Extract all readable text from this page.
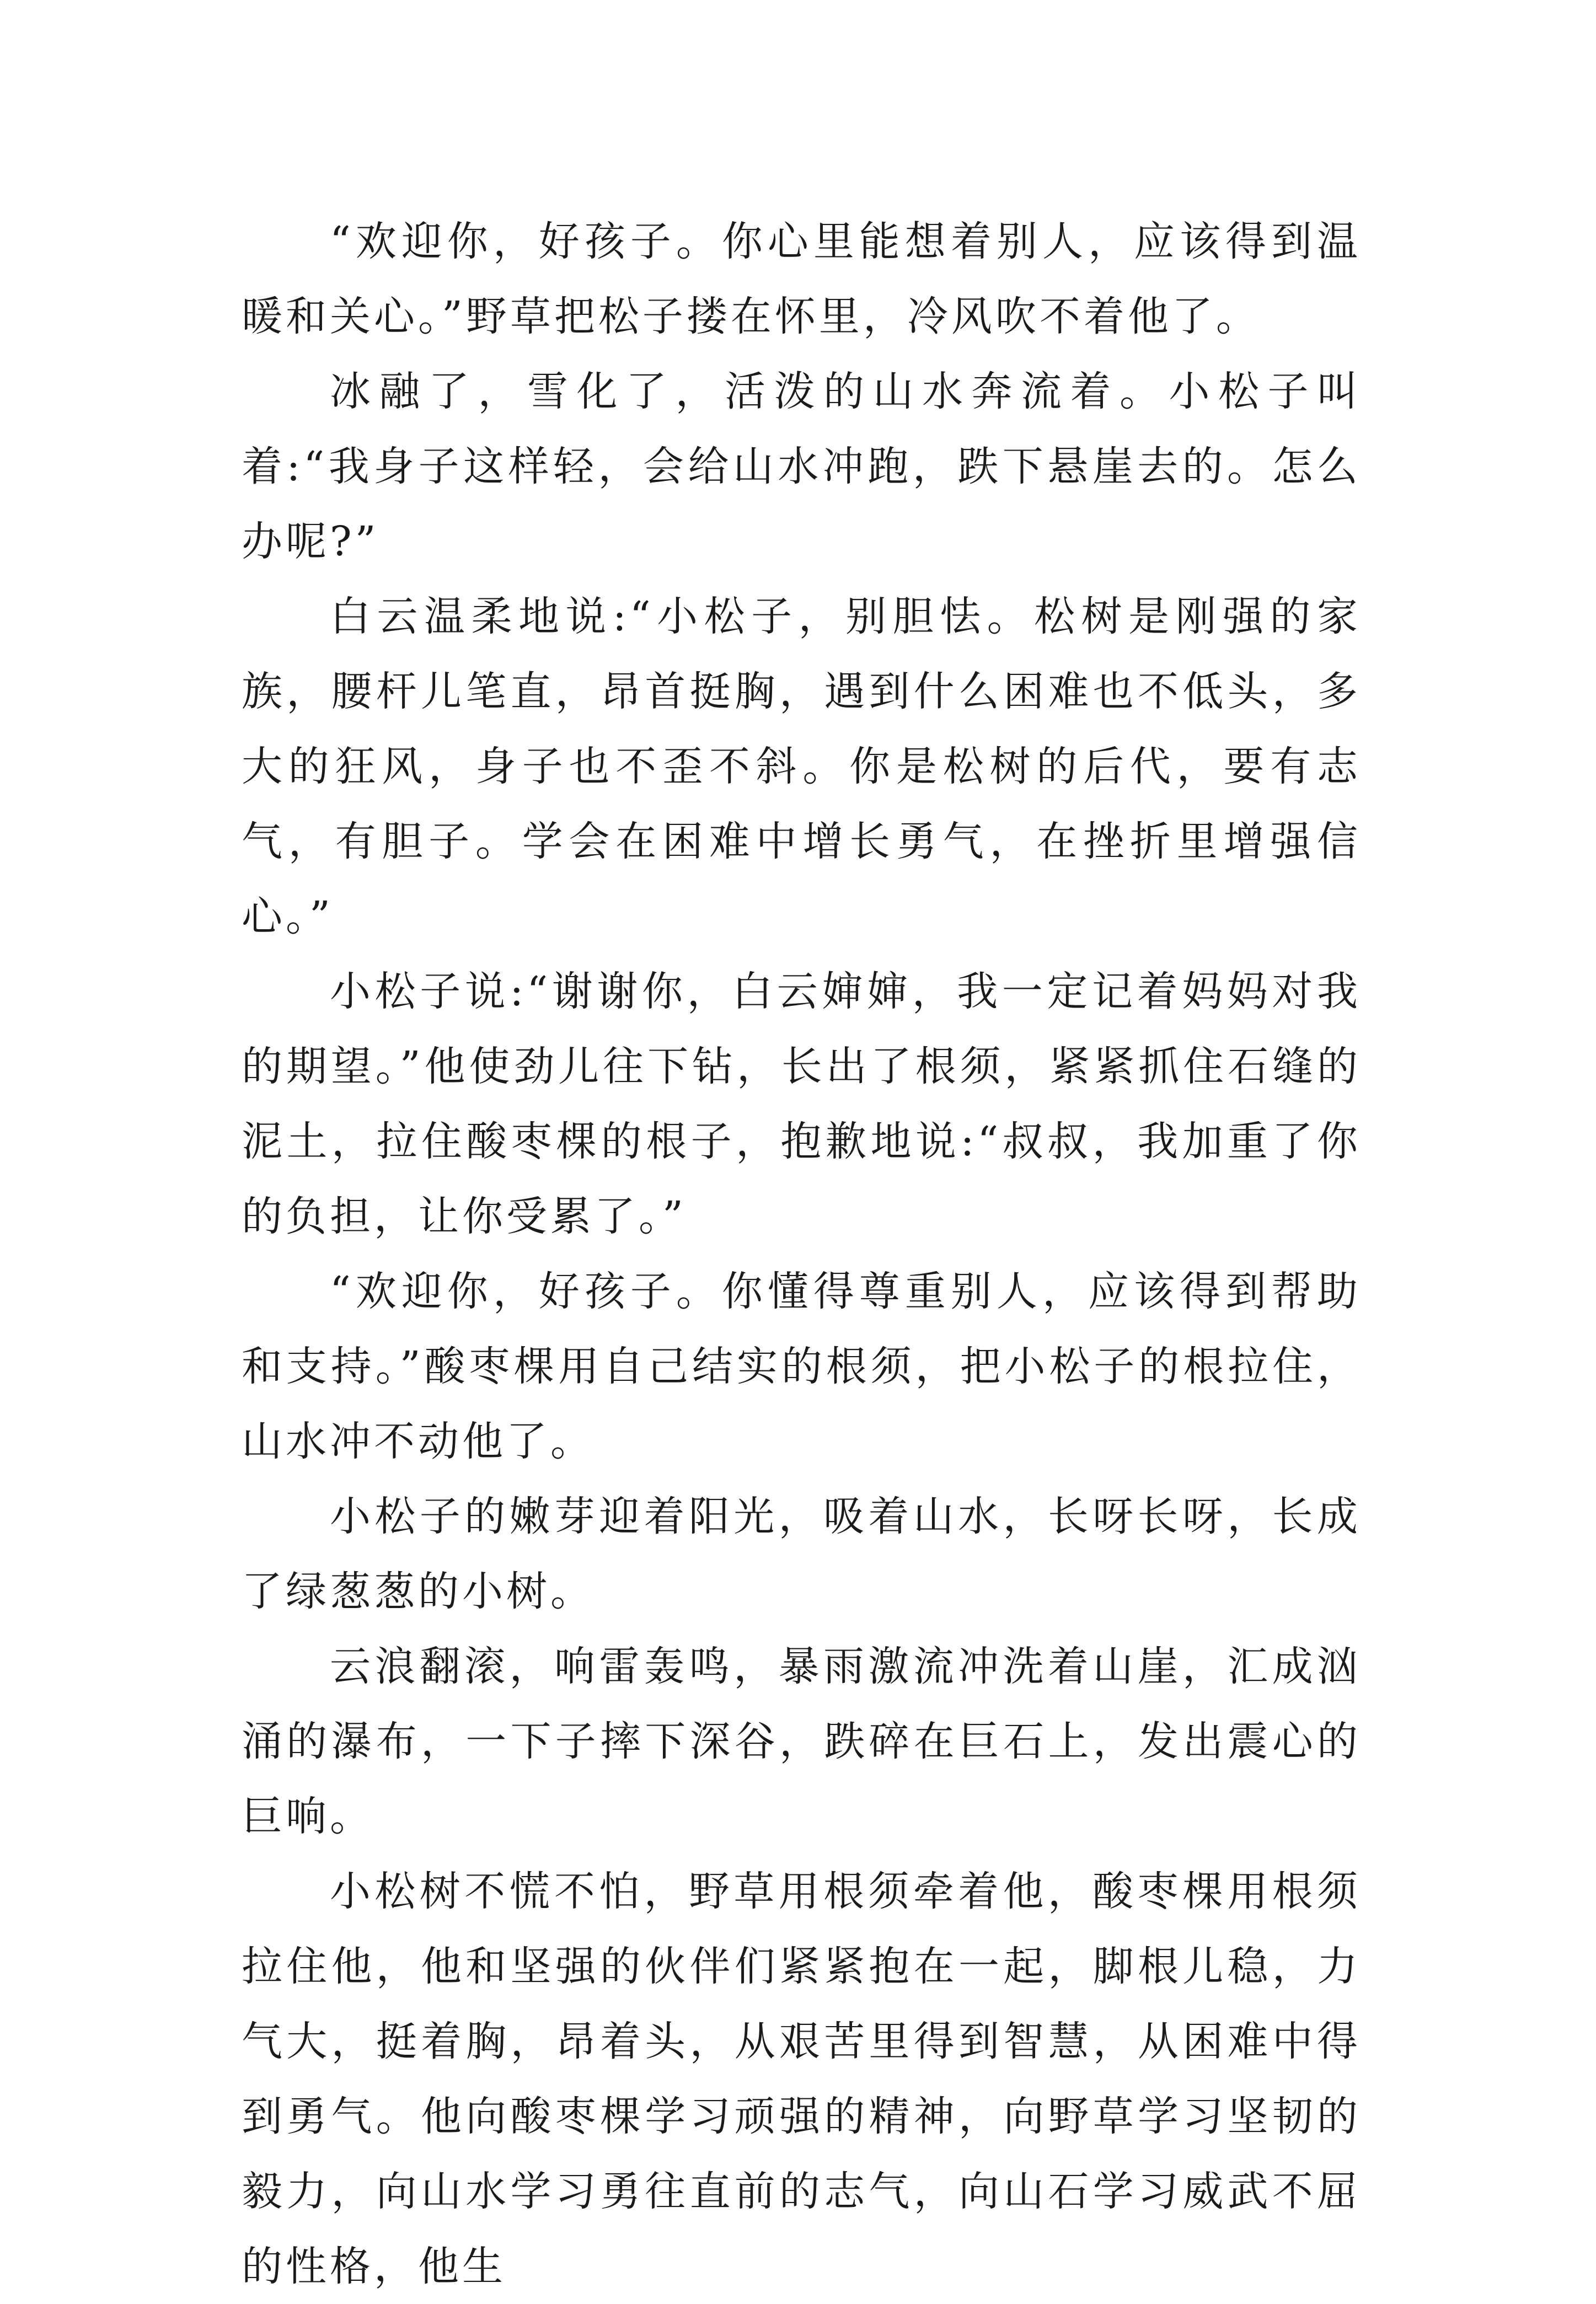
“欢迎你，好孩子。你心里能想着别人，应该得到温暖和关心。”野草把松子搂在怀里，冷风吹不着他了。

冰融了，雪化了，活泼的山水奔流着。小松子叫着:“我身子这样轻，会给山水冲跑，跌下悬崖去的。怎么办呢?”

白云温柔地说:“小松子，别胆怯。松树是刚强的家族，腰杆儿笔直，昂首挺胸，遇到什么困难也不低头，多大的狂风，身子也不歪不斜。你是松树的后代，要有志气，有胆子。学会在困难中增长勇气，在挫折里增强信心。”

小松子说:“谢谢你，白云婶婶，我一定记着妈妈对我的期望。”他使劲儿往下钻，长出了根须，紧紧抓住石缝的泥土，拉住酸枣棵的根子，抱歉地说:“叔叔，我加重了你的负担，让你受累了。”

“欢迎你，好孩子。你懂得尊重别人，应该得到帮助和支持。”酸枣棵用自己结实的根须，把小松子的根拉住，山水冲不动他了。

小松子的嫩芽迎着阳光，吸着山水，长呀长呀，长成了绿葱葱的小树。

云浪翻滚，响雷轰鸣，暴雨激流冲洗着山崖，汇成汹涌的瀑布，一下子摔下深谷，跌碎在巨石上，发出震心的巨响。

小松树不慌不怕，野草用根须牵着他，酸枣棵用根须拉住他，他和坚强的伙伴们紧紧抱在一起，脚根儿稳，力气大，挺着胸，昂着头，从艰苦里得到智慧，从困难中得到勇气。他向酸枣棵学习顽强的精神，向野草学习坚韧的毅力，向山水学习勇往直前的志气，向山石学习威武不屈的性格，他生
